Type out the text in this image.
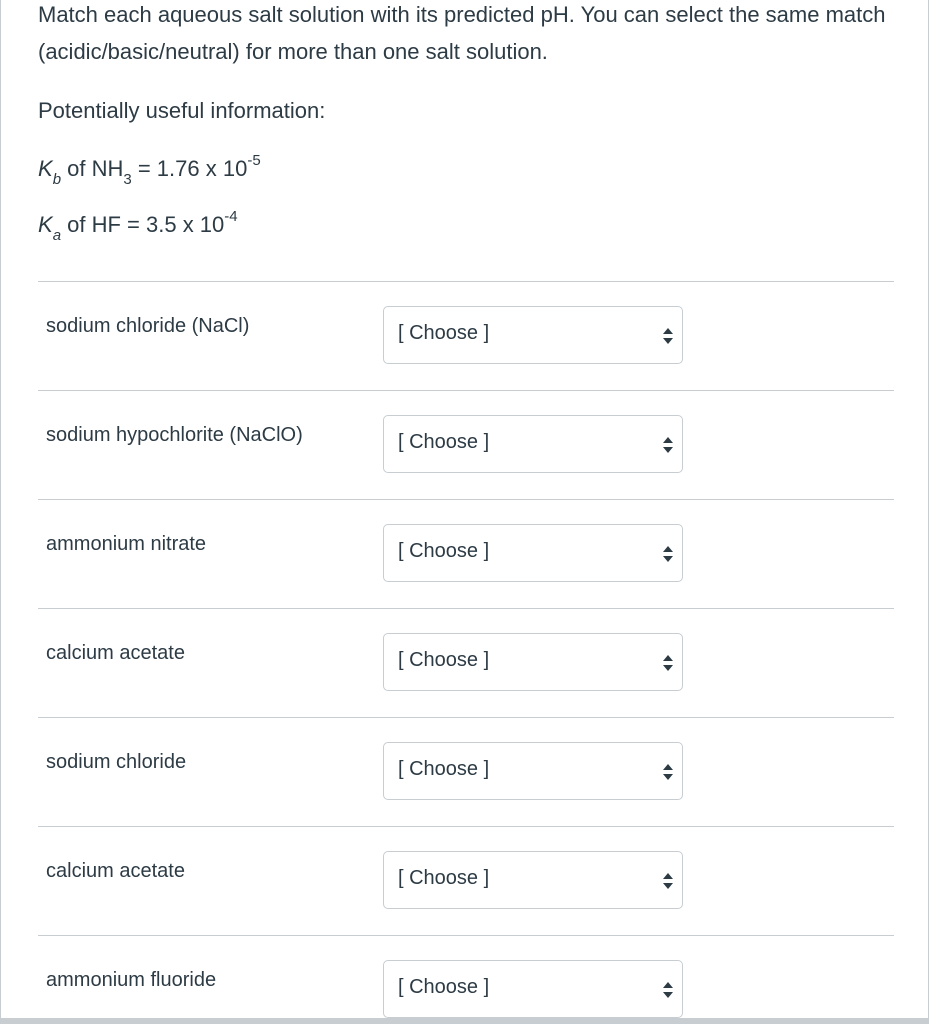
Match each aqueous salt solution with its predicted pH. You can select the same match (acidic/basic/neutral) for more than one salt solution.

Potentially useful information:

$K_b$ of $NH_3 = 1.76$ x $10^{-5}$

$K_a$ of HF = 3.5 x $10^{-4}$

sodium chloride (NaCl)	[ Choose ]
sodium hypochlorite (NaClO)	[ Choose ]
ammonium nitrate	[ Choose ]
calcium acetate	[ Choose ]
sodium chloride	[ Choose ]
calcium acetate	[ Choose ]
ammonium fluoride	[ Choose ]
